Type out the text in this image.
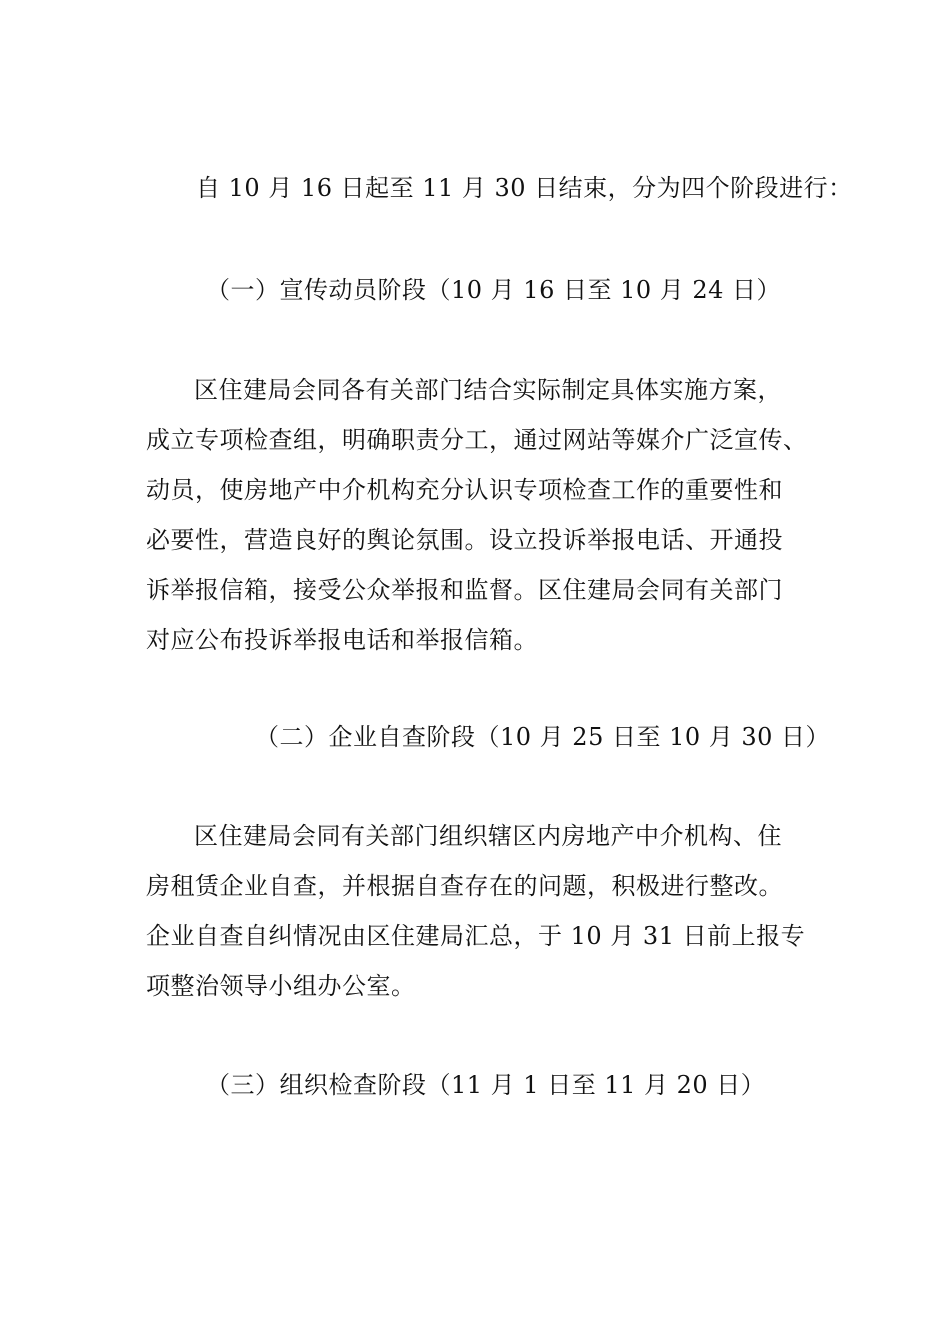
自 10 月 16 日起至 11 月 30 日结束，分为四个阶段进行：
（一）宣传动员阶段（10 月 16 日至 10 月 24 日）
区住建局会同各有关部门结合实际制定具体实施方案，
成立专项检查组，明确职责分工，通过网站等媒介广泛宣传、
动员，使房地产中介机构充分认识专项检查工作的重要性和
必要性，营造良好的舆论氛围。设立投诉举报电话、开通投
诉举报信箱，接受公众举报和监督。区住建局会同有关部门
对应公布投诉举报电话和举报信箱。
（二）企业自查阶段（10 月 25 日至 10 月 30 日）
区住建局会同有关部门组织辖区内房地产中介机构、住
房租赁企业自查，并根据自查存在的问题，积极进行整改。
企业自查自纠情况由区住建局汇总，于 10 月 31 日前上报专
项整治领导小组办公室。
（三）组织检查阶段（11 月 1 日至 11 月 20 日）
